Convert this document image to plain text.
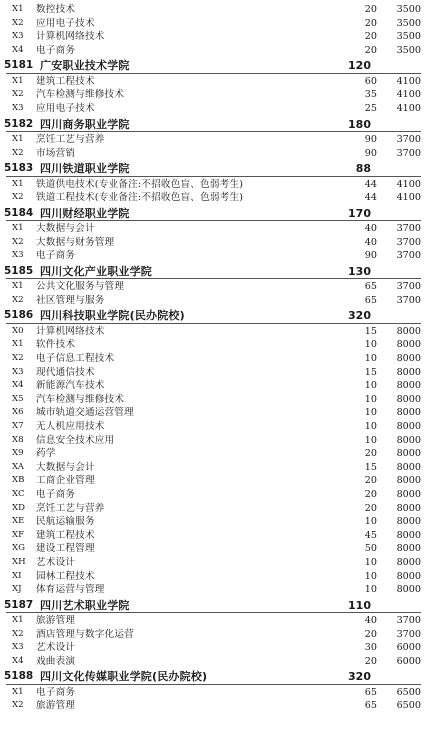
X1	数控技术	20 3500
X2	应用电子技术	20 3500
X3	计算机网络技术	20 3500
X4	电子商务	20 3500
5181 广安职业技术学院	120
X1	建筑工程技术	60 4100
X2	汽车检测与维修技术	35 4100
X3	应用电子技术	25 4100
5182 四川商务职业学院	180
X1	烹饪工艺与营养	90 3700
X2	市场营销	90 3700
5183 四川铁道职业学院	88
X1	铁道供电技术(专业备注:不招收色盲、色弱考生)	44 4100
X2	铁道工程技术(专业备注:不招收色盲、色弱考生)	44 4100
5184 四川财经职业学院	170
X1	大数据与会计	40 3700
X2	大数据与财务管理	40 3700
X3	电子商务	90 3700
5185 四川文化产业职业学院	130
X1	公共文化服务与管理	65 3700
X2	社区管理与服务	65 3700
5186 四川科技职业学院(民办院校)	320
X0	计算机网络技术	15 8000
X1	软件技术	10 8000
X2	电子信息工程技术	10 8000
X3	现代通信技术	15 8000
X4	新能源汽车技术	10 8000
X5	汽车检测与维修技术	10 8000
X6	城市轨道交通运营管理	10 8000
X7	无人机应用技术	10 8000
X8	信息安全技术应用	10 8000
X9	药学	20 8000
XA	大数据与会计	15 8000
XB	工商企业管理	20 8000
XC	电子商务	20 8000
XD	烹饪工艺与营养	20 8000
XE	民航运输服务	10 8000
XF	建筑工程技术	45 8000
XG	建设工程管理	50 8000
XH	艺术设计	10 8000
XI	园林工程技术	10 8000
XJ	体育运营与管理	10 8000
5187 四川艺术职业学院	110
X1	旅游管理	40 3700
X2	酒店管理与数字化运营	20 3700
X3	艺术设计	30 6000
X4	戏曲表演	20 6000
5188 四川文化传媒职业学院(民办院校)	320
X1	电子商务	65 6500
X2	旅游管理	65 6500
